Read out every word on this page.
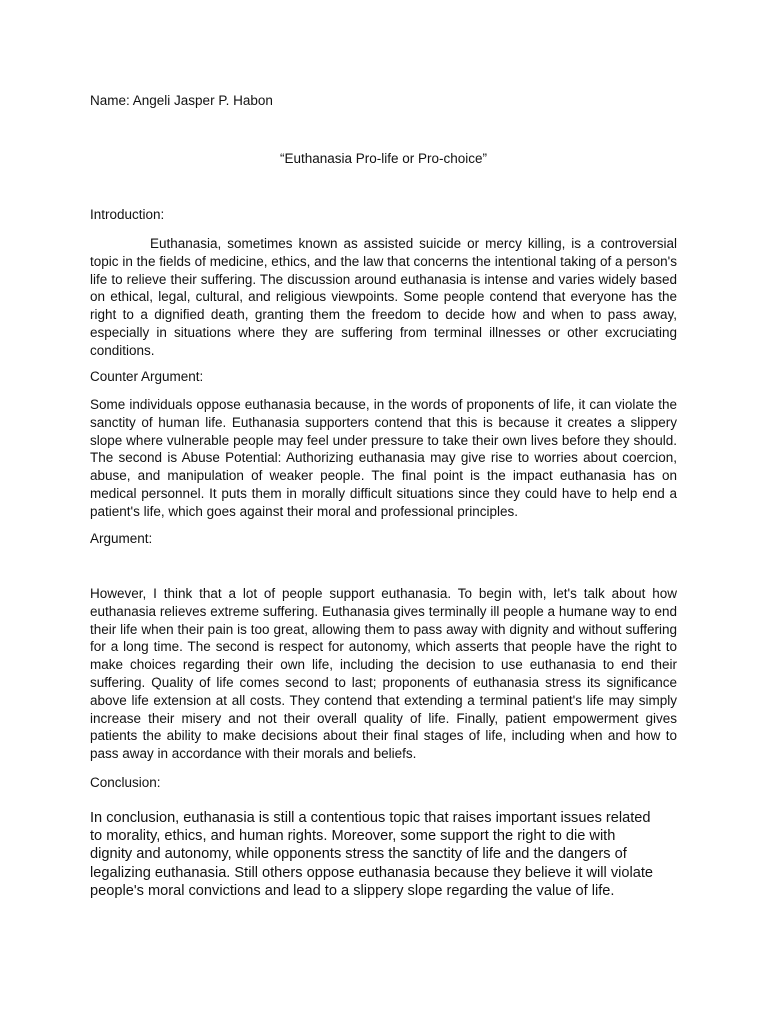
Name: Angeli Jasper P. Habon

“Euthanasia Pro-life or Pro-choice”
Introduction:

Euthanasia, sometimes known as assisted suicide or mercy killing, is a controversial topic in the fields of medicine, ethics, and the law that concerns the intentional taking of a person's life to relieve their suffering. The discussion around euthanasia is intense and varies widely based on ethical, legal, cultural, and religious viewpoints. Some people contend that everyone has the right to a dignified death, granting them the freedom to decide how and when to pass away, especially in situations where they are suffering from terminal illnesses or other excruciating conditions.

Counter Argument:

Some individuals oppose euthanasia because, in the words of proponents of life, it can violate the sanctity of human life. Euthanasia supporters contend that this is because it creates a slippery slope where vulnerable people may feel under pressure to take their own lives before they should. The second is Abuse Potential: Authorizing euthanasia may give rise to worries about coercion, abuse, and manipulation of weaker people. The final point is the impact euthanasia has on medical personnel. It puts them in morally difficult situations since they could have to help end a patient's life, which goes against their moral and professional principles.

Argument:

However, I think that a lot of people support euthanasia. To begin with, let's talk about how euthanasia relieves extreme suffering. Euthanasia gives terminally ill people a humane way to end their life when their pain is too great, allowing them to pass away with dignity and without suffering for a long time. The second is respect for autonomy, which asserts that people have the right to make choices regarding their own life, including the decision to use euthanasia to end their suffering. Quality of life comes second to last; proponents of euthanasia stress its significance above life extension at all costs. They contend that extending a terminal patient's life may simply increase their misery and not their overall quality of life. Finally, patient empowerment gives patients the ability to make decisions about their final stages of life, including when and how to pass away in accordance with their morals and beliefs.

Conclusion:
In conclusion, euthanasia is still a contentious topic that raises important issues related
to morality, ethics, and human rights. Moreover, some support the right to die with
dignity and autonomy, while opponents stress the sanctity of life and the dangers of
legalizing euthanasia. Still others oppose euthanasia because they believe it will violate
people's moral convictions and lead to a slippery slope regarding the value of life.
